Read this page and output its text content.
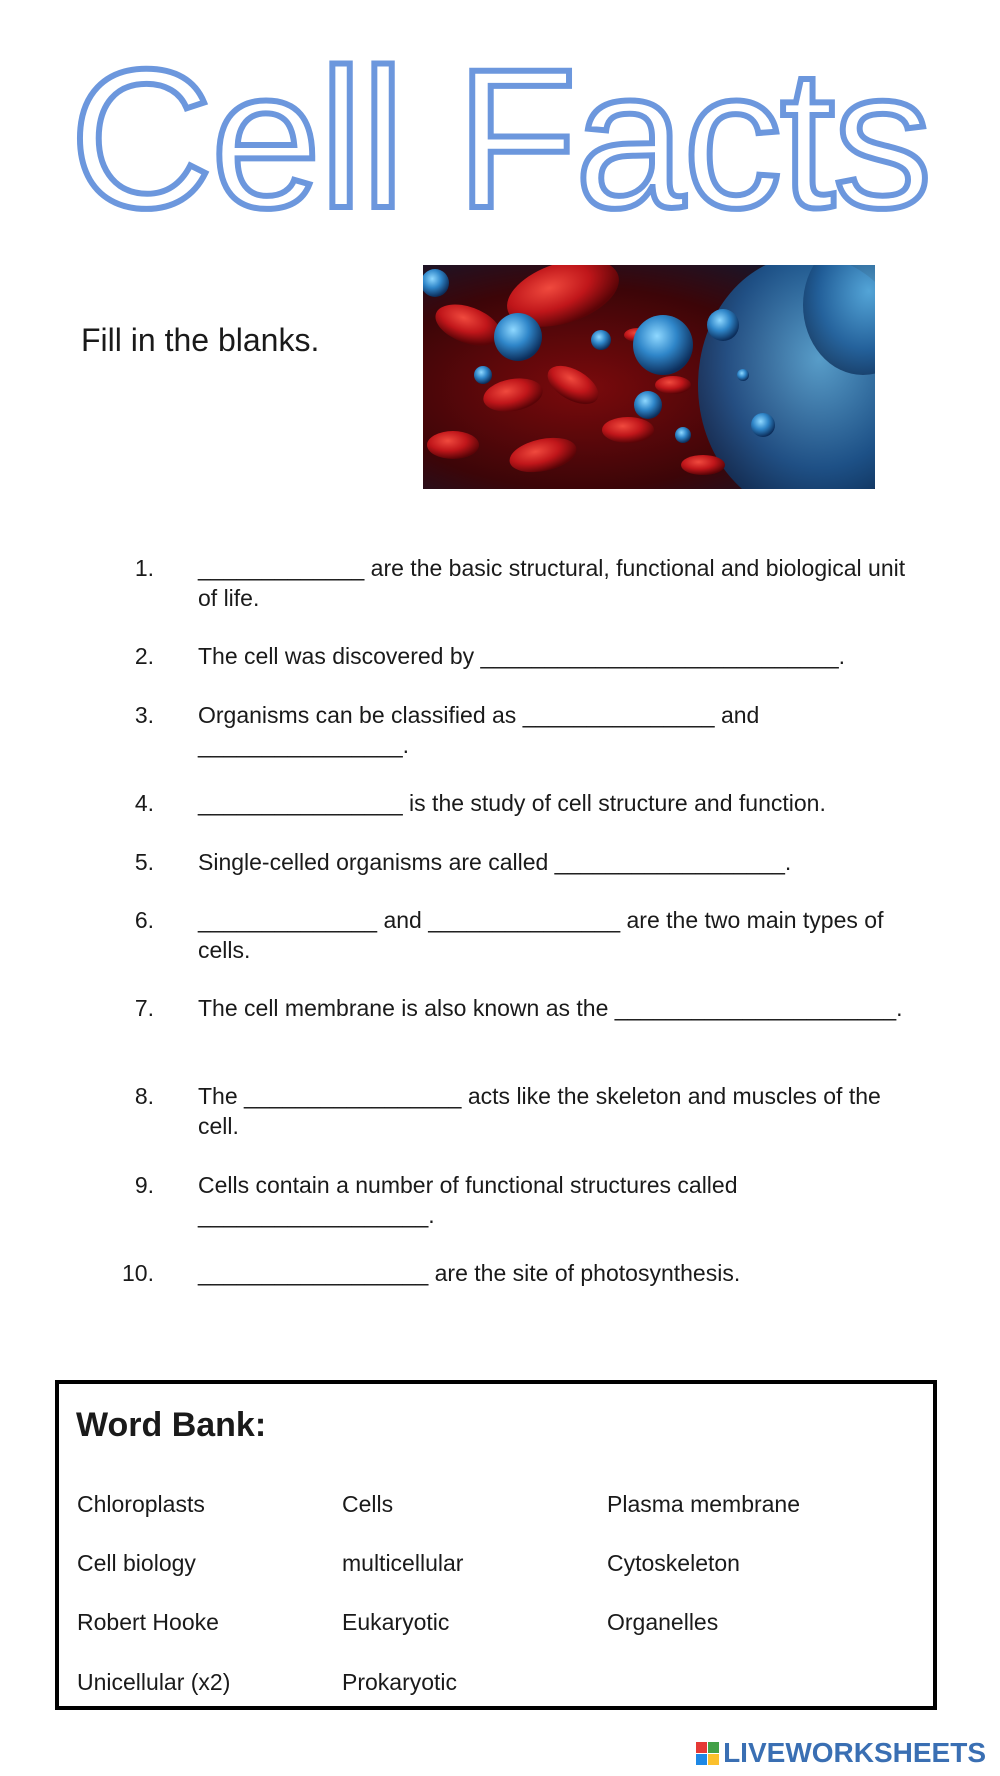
Cell Facts
Fill in the blanks.
1. _____________ are the basic structural, functional and biological unit of life.
2. The cell was discovered by ____________________________.
3. Organisms can be classified as _______________ and ________________.
4. ________________ is the study of cell structure and function.
5. Single-celled organisms are called __________________.
6. ______________ and _______________ are the two main types of cells.
7. The cell membrane is also known as the ______________________.
8. The _________________ acts like the skeleton and muscles of the cell.
9. Cells contain a number of functional structures called __________________.
10. __________________ are the site of photosynthesis.
Word Bank:
Chloroplasts	Cells	Plasma membrane
Cell biology	multicellular	Cytoskeleton
Robert Hooke	Eukaryotic	Organelles
Unicellular (x2)	Prokaryotic
LIVEWORKSHEETS
